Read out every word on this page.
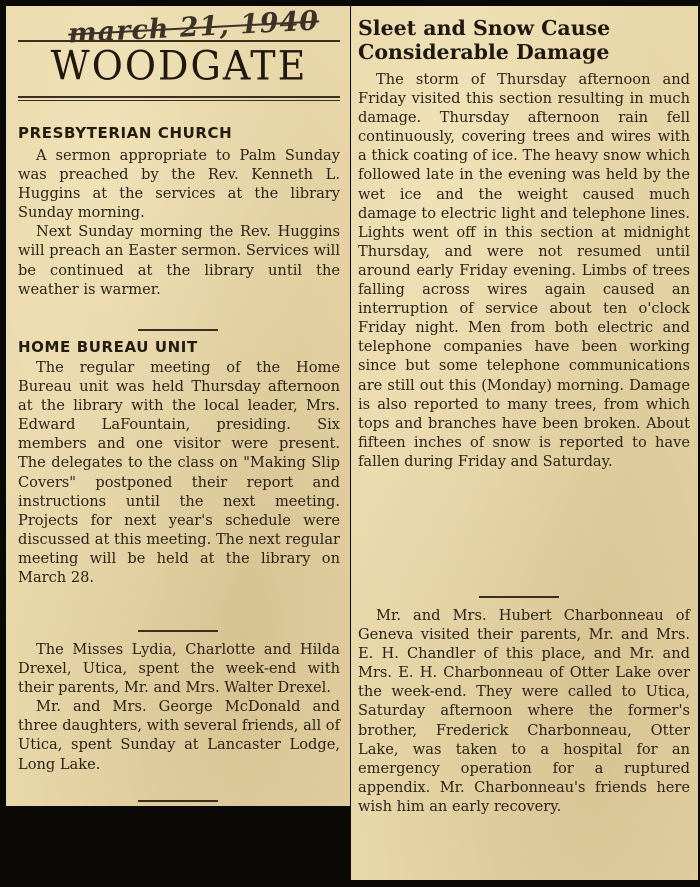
march 21, 1940
WOODGATE
PRESBYTERIAN CHURCH

A sermon appropriate to Palm Sunday was preached by the Rev. Kenneth L. Huggins at the services at the library Sunday morning.

Next Sunday morning the Rev. Huggins will preach an Easter sermon. Services will be continued at the library until the weather is warmer.

HOME BUREAU UNIT

The regular meeting of the Home Bureau unit was held Thursday afternoon at the library with the local leader, Mrs. Edward LaFountain, presiding. Six members and one visitor were present. The delegates to the class on "Making Slip Covers" postponed their report and instructions until the next meeting. Projects for next year's schedule were discussed at this meeting. The next regular meeting will be held at the library on March 28.

The Misses Lydia, Charlotte and Hilda Drexel, Utica, spent the week-end with their parents, Mr. and Mrs. Walter Drexel.

Mr. and Mrs. George McDonald and three daughters, with several friends, all of Utica, spent Sunday at Lancaster Lodge, Long Lake.

Sleet and Snow Cause
Considerable Damage

The storm of Thursday afternoon and Friday visited this section resulting in much damage. Thursday afternoon rain fell continuously, covering trees and wires with a thick coating of ice. The heavy snow which followed late in the evening was held by the wet ice and the weight caused much damage to electric light and telephone lines. Lights went off in this section at midnight Thursday, and were not resumed until around early Friday evening. Limbs of trees falling across wires again caused an interruption of service about ten o'clock Friday night. Men from both electric and telephone companies have been working since but some telephone communications are still out this (Monday) morning. Damage is also reported to many trees, from which tops and branches have been broken. About fifteen inches of snow is reported to have fallen during Friday and Saturday.

Mr. and Mrs. Hubert Charbonneau of Geneva visited their parents, Mr. and Mrs. E. H. Chandler of this place, and Mr. and Mrs. E. H. Charbonneau of Otter Lake over the week-end. They were called to Utica, Saturday afternoon where the former's brother, Frederick Charbonneau, Otter Lake, was taken to a hospital for an emergency operation for a ruptured appendix. Mr. Charbonneau's friends here wish him an early recovery.
